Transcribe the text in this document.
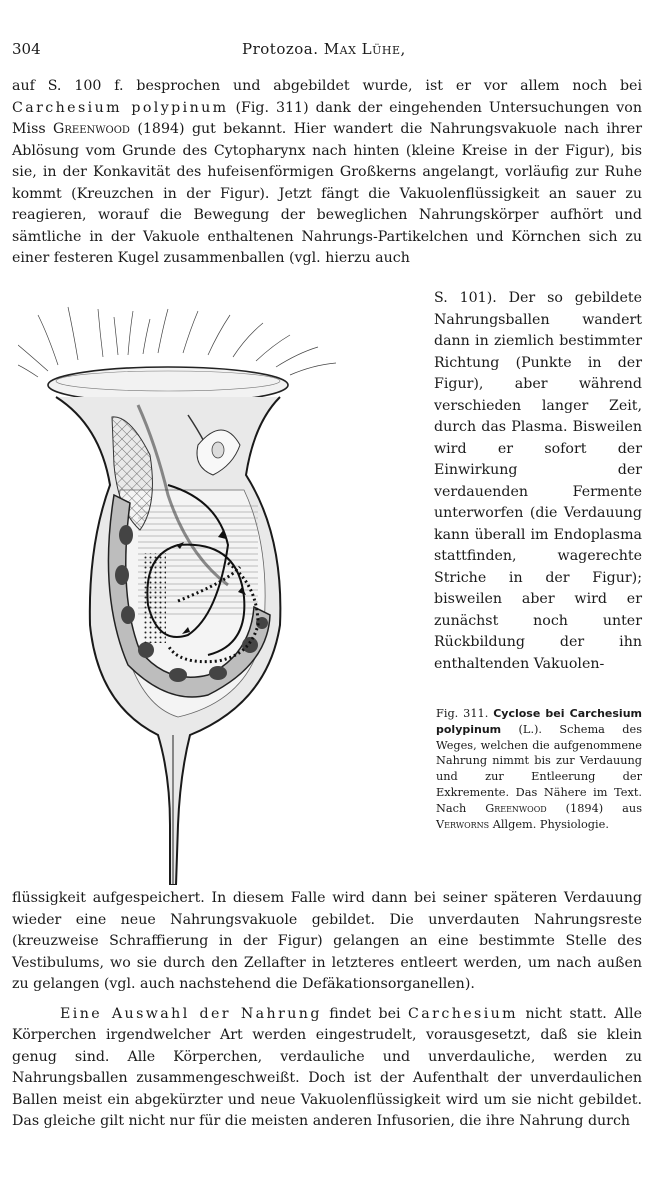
304	Protozoa. Max Lühe,

auf S. 100 f. besprochen und abgebildet wurde, ist er vor allem noch bei Carchesium polypinum (Fig. 311) dank der eingehenden Untersuchungen von Miss Greenwood (1894) gut bekannt. Hier wandert die Nahrungsvakuole nach ihrer Ablösung vom Grunde des Cytopharynx nach hinten (kleine Kreise in der Figur), bis sie, in der Konkavität des hufeisenförmigen Großkerns angelangt, vorläufig zur Ruhe kommt (Kreuzchen in der Figur). Jetzt fängt die Vakuolenflüssigkeit an sauer zu reagieren, worauf die Bewegung der beweglichen Nahrungskörper aufhört und sämtliche in der Vakuole enthaltenen Nahrungs-Partikelchen und Körnchen sich zu einer festeren Kugel zusammenballen (vgl. hierzu auch

S. 101). Der so gebildete Nahrungsballen wandert dann in ziemlich bestimmter Richtung (Punkte in der Figur), aber während verschieden langer Zeit, durch das Plasma. Bisweilen wird er sofort der Einwirkung der verdauenden Fermente unterworfen (die Verdauung kann überall im Endoplasma stattfinden, wagerechte Striche in der Figur); bisweilen aber wird er zunächst noch unter Rückbildung der ihn enthaltenden Vakuolen-

Fig. 311. Cyclose bei Carchesium polypinum (L.). Schema des Weges, welchen die aufgenommene Nahrung nimmt bis zur Verdauung und zur Entleerung der Exkremente. Das Nähere im Text. Nach Greenwood (1894) aus Verworns Allgem. Physiologie.

flüssigkeit aufgespeichert. In diesem Falle wird dann bei seiner späteren Verdauung wieder eine neue Nahrungsvakuole gebildet. Die unverdauten Nahrungsreste (kreuzweise Schraffierung in der Figur) gelangen an eine bestimmte Stelle des Vestibulums, wo sie durch den Zellafter in letzteres entleert werden, um nach außen zu gelangen (vgl. auch nachstehend die Defäkationsorganellen).

Eine Auswahl der Nahrung findet bei Carchesium nicht statt. Alle Körperchen irgendwelcher Art werden eingestrudelt, vorausgesetzt, daß sie klein genug sind. Alle Körperchen, verdauliche und unverdauliche, werden zu Nahrungsballen zusammengeschweißt. Doch ist der Aufenthalt der unverdaulichen Ballen meist ein abgekürzter und neue Vakuolenflüssigkeit wird um sie nicht gebildet. Das gleiche gilt nicht nur für die meisten anderen Infusorien, die ihre Nahrung durch
